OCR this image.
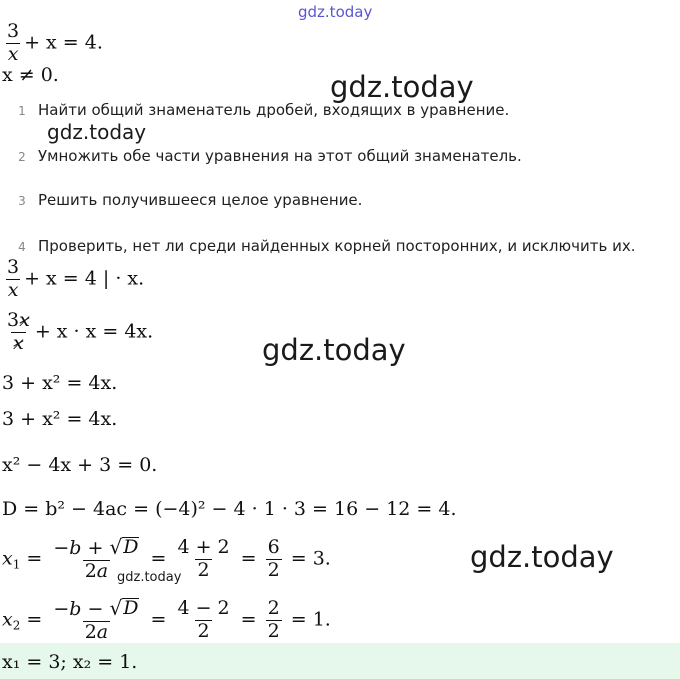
gdz.today
gdz.today
gdz.today
gdz.today
gdz.today
gdz.today
$\frac{3}{x} + x = 4$.
x ≠ 0.
1 Найти общий знаменатель дробей, входящих в уравнение.
2 Умножить обе части уравнения на этот общий знаменатель.
3 Решить получившееся целое уравнение.
4 Проверить, нет ли среди найденных корней посторонних, и исключить их.
$\frac{3}{x} + x = 4$ | · x.
$\frac{3x}{x} + x \cdot x = 4x$.
3 + x² = 4x.
3 + x² = 4x.
x² − 4x + 3 = 0.
D = b² − 4ac = (−4)² − 4 · 1 · 3 = 16 − 12 = 4.
$x_1 = \frac{-b + √ D}{2a} = \frac{4 + 2}{2} = \frac{6}{2} = 3$.
$x_2 = \frac{-b - √ D}{2a} = \frac{4 - 2}{2} = \frac{2}{2} = 1$.
x₁ = 3; x₂ = 1.
